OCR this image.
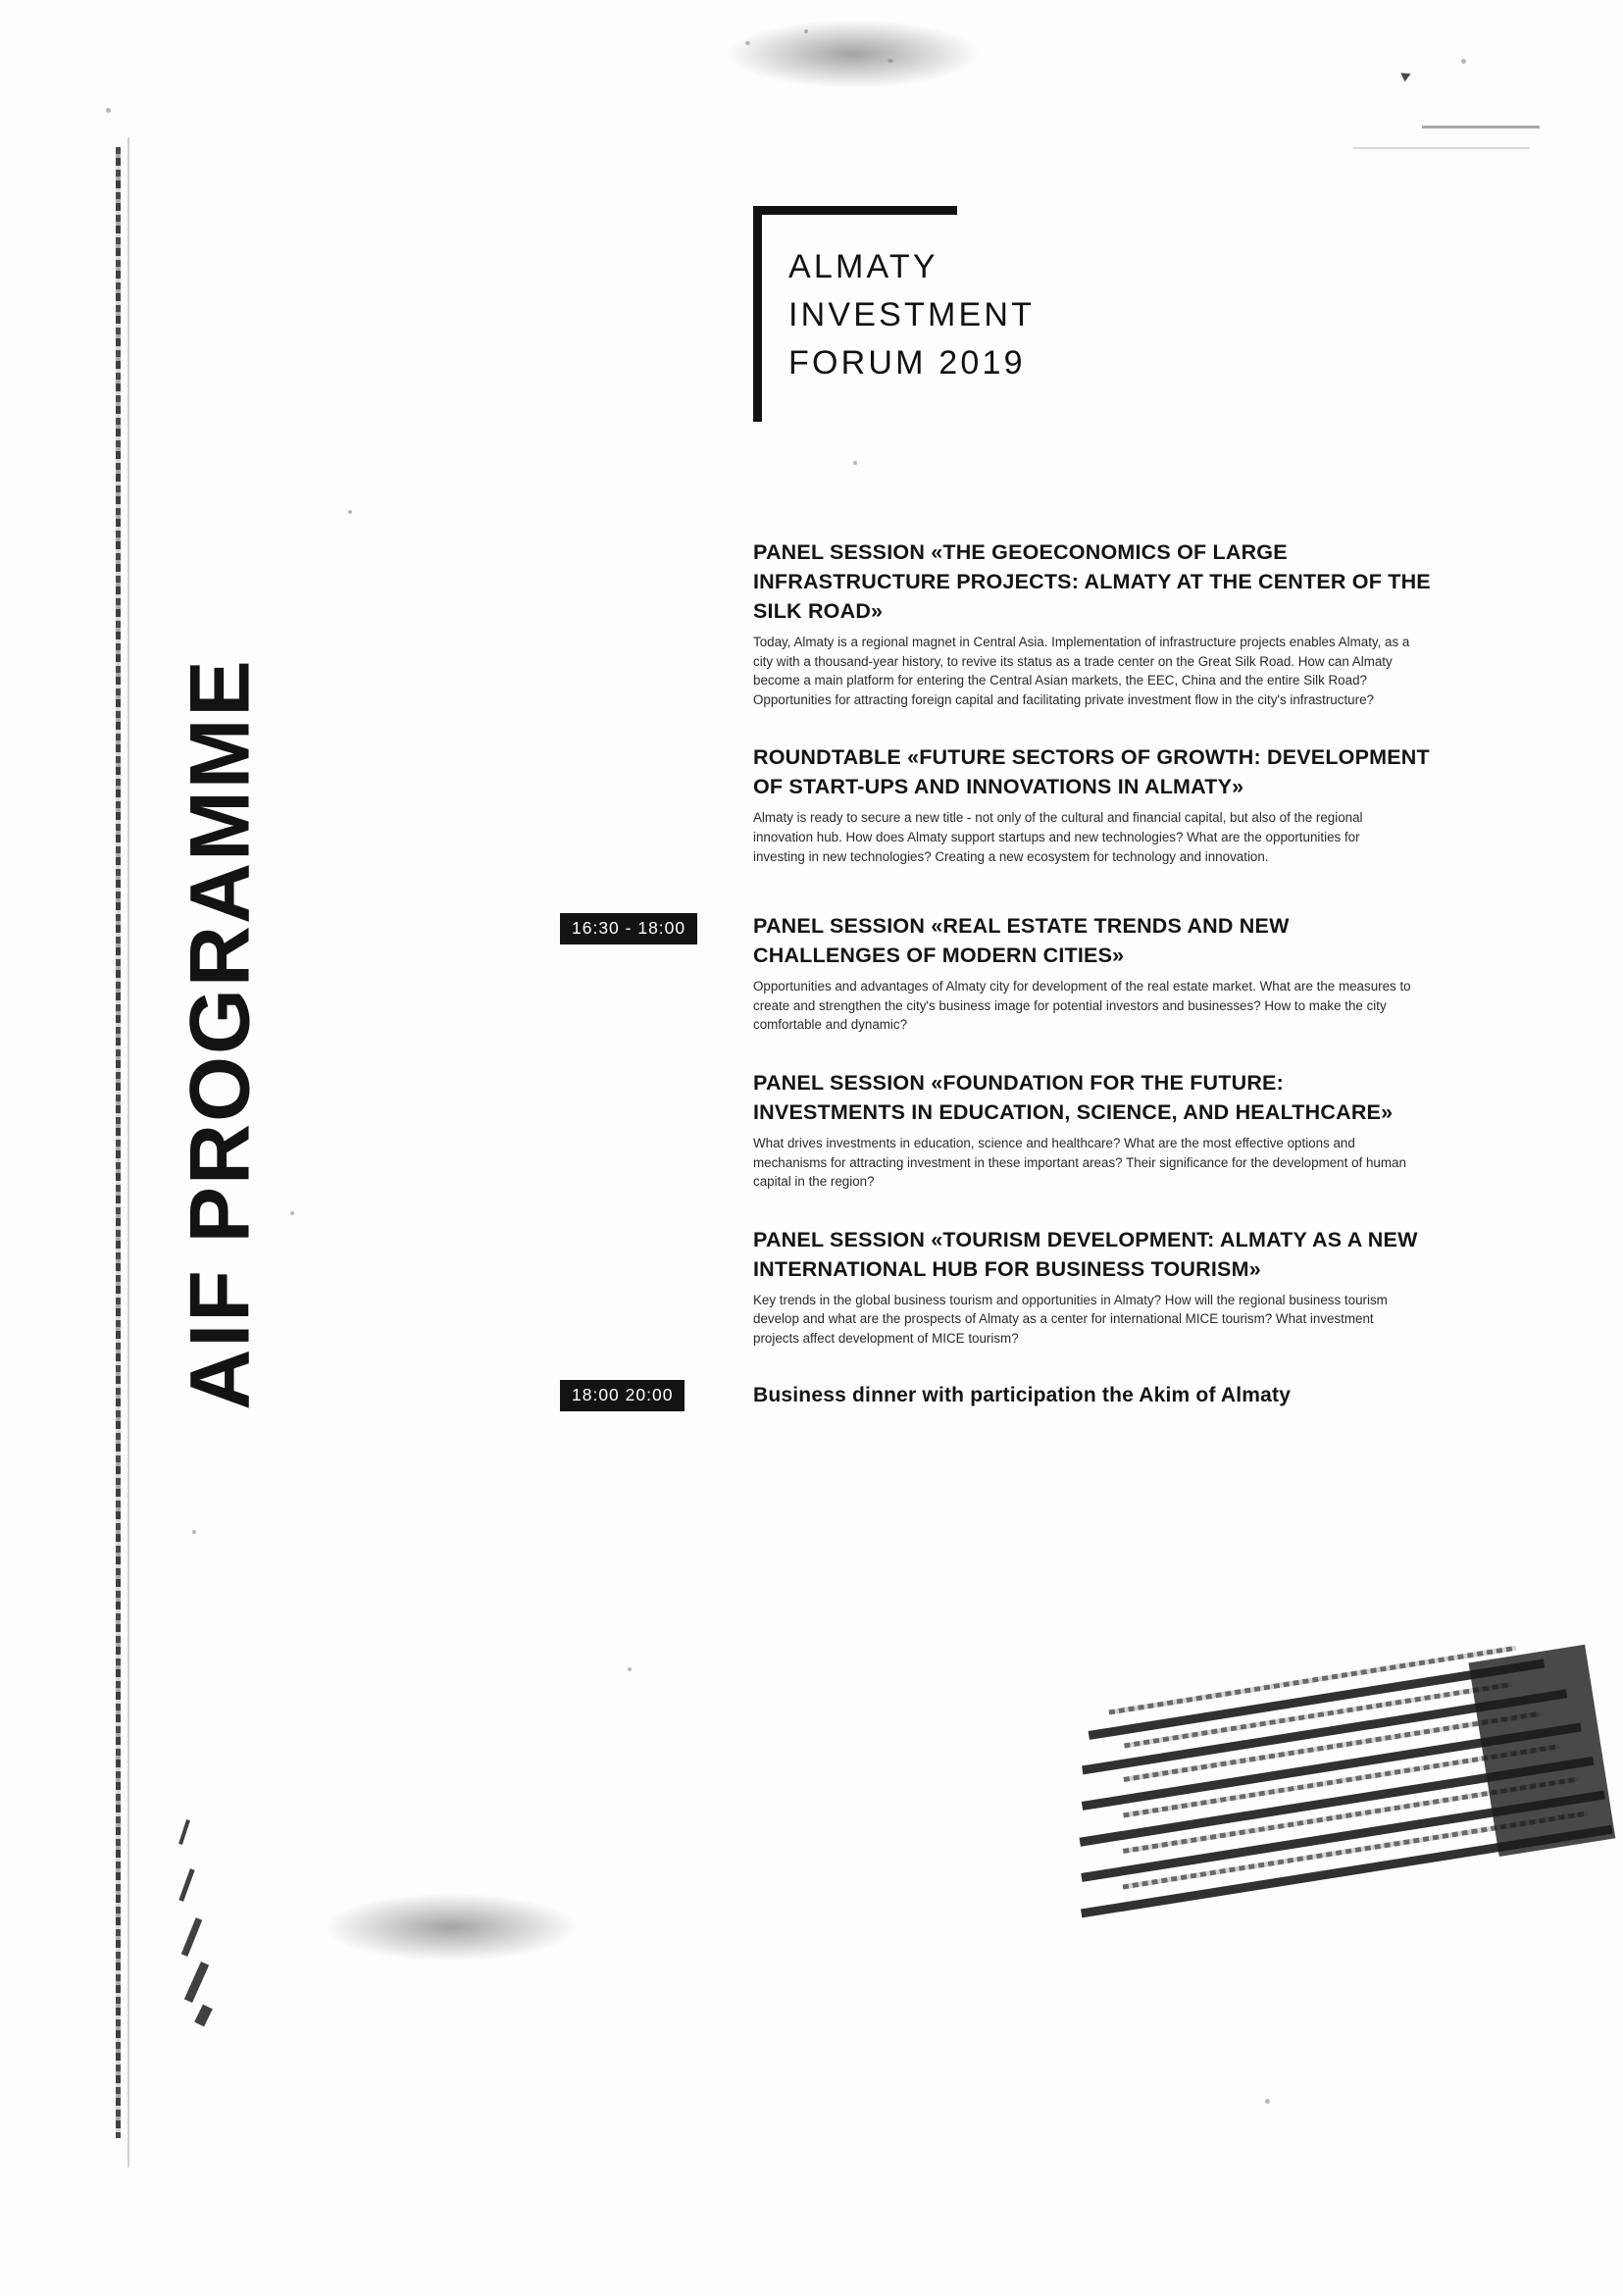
ALMATY
INVESTMENT
FORUM 2019
AIF PROGRAMME
PANEL SESSION «THE GEOECONOMICS OF LARGE INFRASTRUCTURE PROJECTS: ALMATY AT THE CENTER OF THE SILK ROAD»
Today, Almaty is a regional magnet in Central Asia. Implementation of infrastructure projects enables Almaty, as a city with a thousand-year history, to revive its status as a trade center on the Great Silk Road. How can Almaty become a main platform for entering the Central Asian markets, the EEC, China and the entire Silk Road? Opportunities for attracting foreign capital and facilitating private investment flow in the city's infrastructure?
ROUNDTABLE «FUTURE SECTORS OF GROWTH: DEVELOPMENT OF START-UPS AND INNOVATIONS IN ALMATY»
Almaty is ready to secure a new title - not only of the cultural and financial capital, but also of the regional innovation hub. How does Almaty support startups and new technologies? What are the opportunities for investing in new technologies? Creating a new ecosystem for technology and innovation.
16:30 - 18:00	PANEL SESSION «REAL ESTATE TRENDS AND NEW CHALLENGES OF MODERN CITIES»
Opportunities and advantages of Almaty city for development of the real estate market. What are the measures to create and strengthen the city's business image for potential investors and businesses? How to make the city comfortable and dynamic?
PANEL SESSION «FOUNDATION FOR THE FUTURE: INVESTMENTS IN EDUCATION, SCIENCE, AND HEALTHCARE»
What drives investments in education, science and healthcare? What are the most effective options and mechanisms for attracting investment in these important areas? Their significance for the development of human capital in the region?
PANEL SESSION «TOURISM DEVELOPMENT: ALMATY AS A NEW INTERNATIONAL HUB FOR BUSINESS TOURISM»
Key trends in the global business tourism and opportunities in Almaty? How will the regional business tourism develop and what are the prospects of Almaty as a center for international MICE tourism? What investment projects affect development of MICE tourism?
18:00 20:00	Business dinner with participation the Akim of Almaty
